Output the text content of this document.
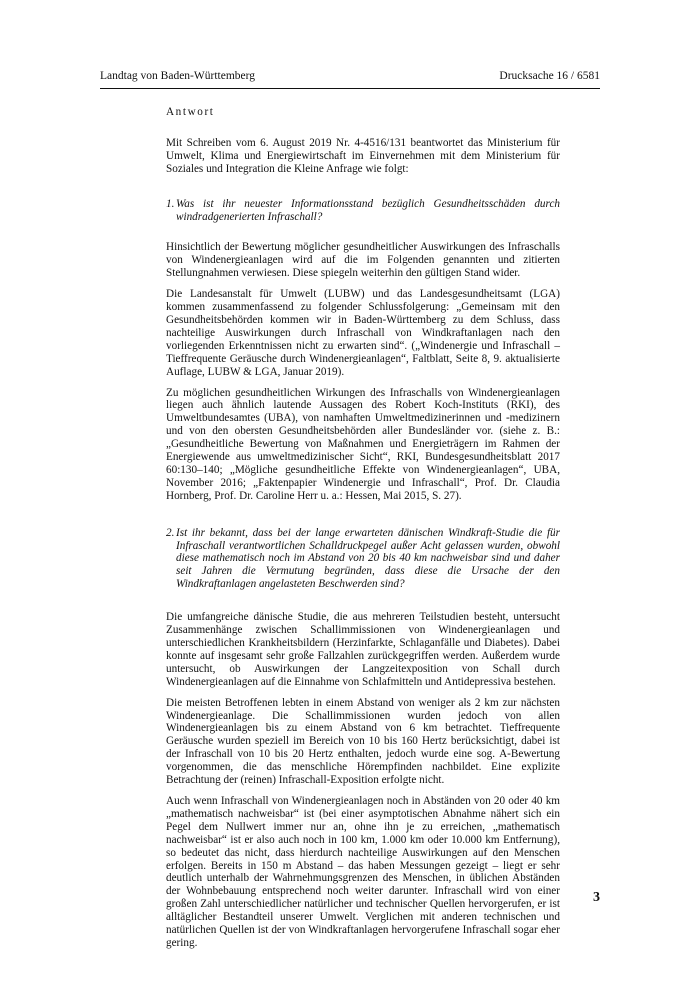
Landtag von Baden-Württemberg	Drucksache 16 / 6581
Antwort

Mit Schreiben vom 6. August 2019 Nr. 4-4516/131 beantwortet das Ministerium für Umwelt, Klima und Energiewirtschaft im Einvernehmen mit dem Ministerium für Soziales und Integration die Kleine Anfrage wie folgt:

1. Was ist ihr neuester Informationsstand bezüglich Gesundheitsschäden durch windradgenerierten Infraschall?

Hinsichtlich der Bewertung möglicher gesundheitlicher Auswirkungen des Infraschalls von Windenergieanlagen wird auf die im Folgenden genannten und zitierten Stellungnahmen verwiesen. Diese spiegeln weiterhin den gültigen Stand wider.

Die Landesanstalt für Umwelt (LUBW) und das Landesgesundheitsamt (LGA) kommen zusammenfassend zu folgender Schlussfolgerung: „Gemeinsam mit den Gesundheitsbehörden kommen wir in Baden-Württemberg zu dem Schluss, dass nachteilige Auswirkungen durch Infraschall von Windkraftanlagen nach den vorliegenden Erkenntnissen nicht zu erwarten sind“. („Windenergie und Infraschall – Tieffrequente Geräusche durch Windenergieanlagen“, Faltblatt, Seite 8, 9. aktualisierte Auflage, LUBW & LGA, Januar 2019).

Zu möglichen gesundheitlichen Wirkungen des Infraschalls von Windenergieanlagen liegen auch ähnlich lautende Aussagen des Robert Koch-Instituts (RKI), des Umweltbundesamtes (UBA), von namhaften Umweltmedizinerinnen und -medizinern und von den obersten Gesundheitsbehörden aller Bundesländer vor. (siehe z. B.: „Gesundheitliche Bewertung von Maßnahmen und Energieträgern im Rahmen der Energiewende aus umweltmedizinischer Sicht“, RKI, Bundesgesundheitsblatt 2017 60:130–140; „Mögliche gesundheitliche Effekte von Windenergieanlagen“, UBA, November 2016; „Faktenpapier Windenergie und Infraschall“, Prof. Dr. Claudia Hornberg, Prof. Dr. Caroline Herr u. a.: Hessen, Mai 2015, S. 27).

2. Ist ihr bekannt, dass bei der lange erwarteten dänischen Windkraft-Studie die für Infraschall verantwortlichen Schalldruckpegel außer Acht gelassen wurden, obwohl diese mathematisch noch im Abstand von 20 bis 40 km nachweisbar sind und daher seit Jahren die Vermutung begründen, dass diese die Ursache der den Windkraftanlagen angelasteten Beschwerden sind?

Die umfangreiche dänische Studie, die aus mehreren Teilstudien besteht, untersucht Zusammenhänge zwischen Schallimmissionen von Windenergieanlagen und unterschiedlichen Krankheitsbildern (Herzinfarkte, Schlaganfälle und Diabetes). Dabei konnte auf insgesamt sehr große Fallzahlen zurückgegriffen werden. Außerdem wurde untersucht, ob Auswirkungen der Langzeitexposition von Schall durch Windenergieanlagen auf die Einnahme von Schlafmitteln und Antidepressiva bestehen.

Die meisten Betroffenen lebten in einem Abstand von weniger als 2 km zur nächsten Windenergieanlage. Die Schallimmissionen wurden jedoch von allen Windenergieanlagen bis zu einem Abstand von 6 km betrachtet. Tieffrequente Geräusche wurden speziell im Bereich von 10 bis 160 Hertz berücksichtigt, dabei ist der Infraschall von 10 bis 20 Hertz enthalten, jedoch wurde eine sog. A-Bewertung vorgenommen, die das menschliche Hörempfinden nachbildet. Eine explizite Betrachtung der (reinen) Infraschall-Exposition erfolgte nicht.

Auch wenn Infraschall von Windenergieanlagen noch in Abständen von 20 oder 40 km „mathematisch nachweisbar“ ist (bei einer asymptotischen Abnahme nähert sich ein Pegel dem Nullwert immer nur an, ohne ihn je zu erreichen, „mathematisch nachweisbar“ ist er also auch noch in 100 km, 1.000 km oder 10.000 km Entfernung), so bedeutet das nicht, dass hierdurch nachteilige Auswirkungen auf den Menschen erfolgen. Bereits in 150 m Abstand – das haben Messungen gezeigt – liegt er sehr deutlich unterhalb der Wahrnehmungsgrenzen des Menschen, in üblichen Abständen der Wohnbebauung entsprechend noch weiter darunter. Infraschall wird von einer großen Zahl unterschiedlicher natürlicher und technischer Quellen hervorgerufen, er ist alltäglicher Bestandteil unserer Umwelt. Verglichen mit anderen technischen und natürlichen Quellen ist der von Windkraftanlagen hervorgerufene Infraschall sogar eher gering.

3
